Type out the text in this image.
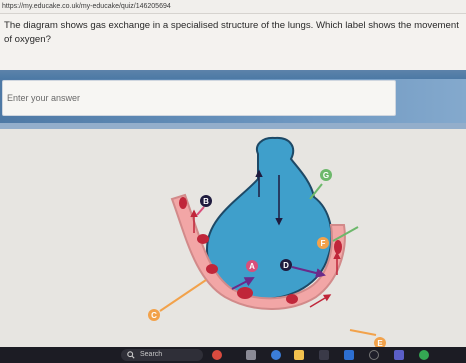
https://my.educake.co.uk/my-educake/quiz/146205694
The diagram shows gas exchange in a specialised structure of the lungs. Which label shows the movement of oxygen?
Enter your answer
G
B
F
A	D
C
E
Search
